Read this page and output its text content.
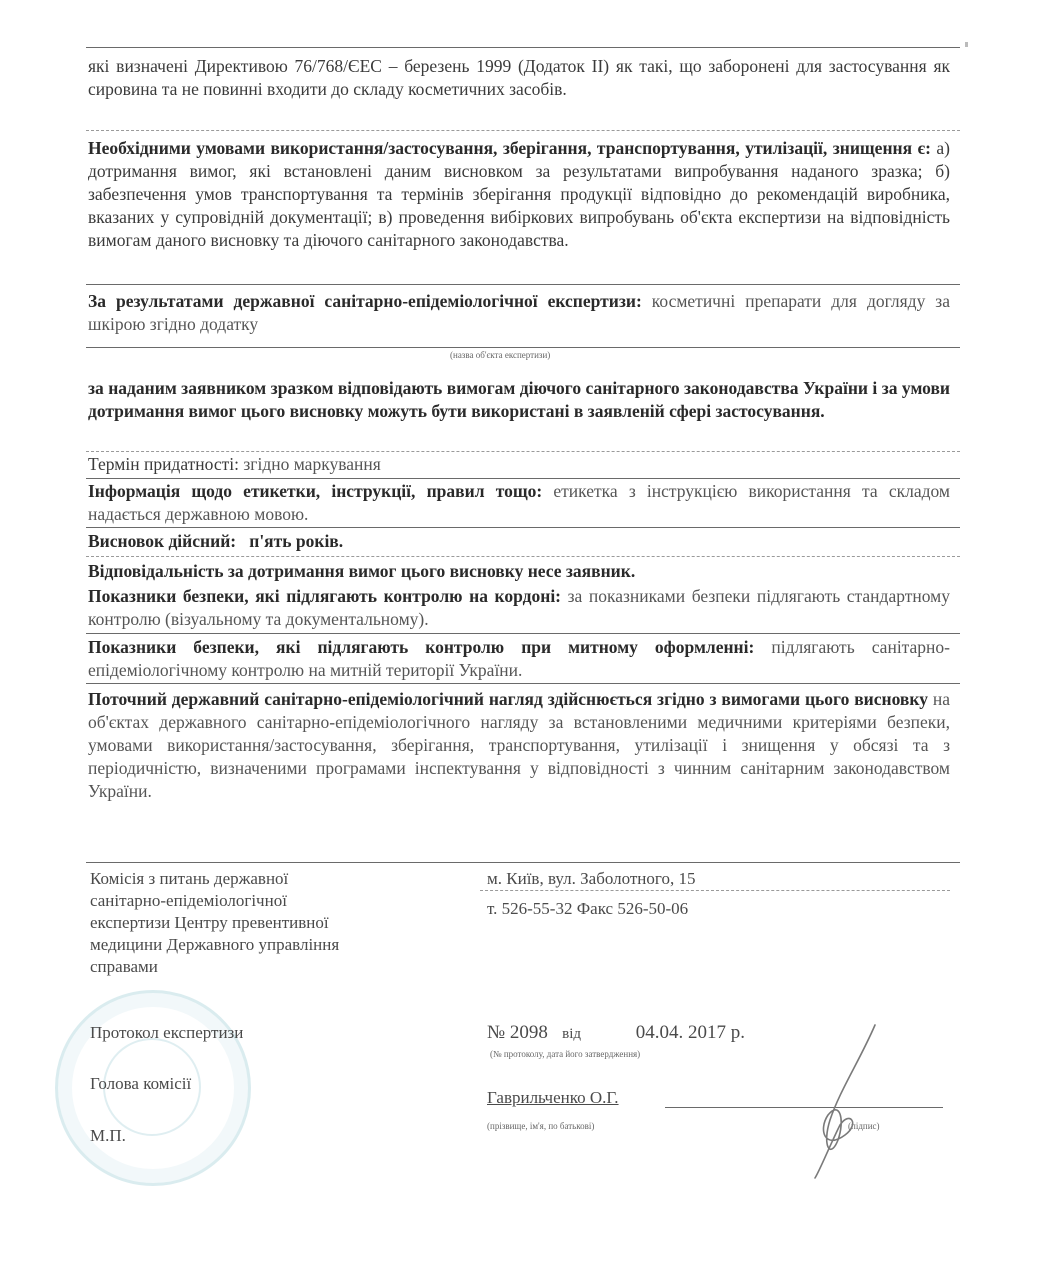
які визначені Директивою 76/768/ЄЕС – березень 1999 (Додаток ІІ) як такі, що заборонені для застосування як сировина та не повинні входити до складу косметичних засобів.
Необхідними умовами використання/застосування, зберігання, транспортування, утилізації, знищення є: а) дотримання вимог, які встановлені даним висновком за результатами випробування наданого зразка; б) забезпечення умов транспортування та термінів зберігання продукції відповідно до рекомендацій виробника, вказаних у супровідній документації; в) проведення вибіркових випробувань об'єкта експертизи на відповідність вимогам даного висновку та діючого санітарного законодавства.
За результатами державної санітарно-епідеміологічної експертизи: косметичні препарати для догляду за шкірою згідно додатку
(назва об'єкта експертизи)
за наданим заявником зразком відповідають вимогам діючого санітарного законодавства України і за умови дотримання вимог цього висновку можуть бути використані в заявленій сфері застосування.
Термін придатності: згідно маркування
Інформація щодо етикетки, інструкції, правил тощо: етикетка з інструкцією використання та складом надається державною мовою.
Висновок дійсний: п'ять років.
Відповідальність за дотримання вимог цього висновку несе заявник.
Показники безпеки, які підлягають контролю на кордоні: за показниками безпеки підлягають стандартному контролю (візуальному та документальному).
Показники безпеки, які підлягають контролю при митному оформленні: підлягають санітарно-епідеміологічному контролю на митній території України.
Поточний державний санітарно-епідеміологічний нагляд здійснюється згідно з вимогами цього висновку на об'єктах державного санітарно-епідеміологічного нагляду за встановленими медичними критеріями безпеки, умовами використання/застосування, зберігання, транспортування, утилізації і знищення у обсязі та з періодичністю, визначеними програмами інспектування у відповідності з чинним санітарним законодавством України.
Комісія з питань державної
санітарно-епідеміологічної
експертизи Центру превентивної
медицини Державного управління
справами
м. Київ, вул. Заболотного, 15
т. 526-55-32 Факс 526-50-06
Протокол експертизи	№ 2098 від	04.04. 2017 р.
(№ протоколу, дата його затвердження)
Голова комісії
Гаврильченко О.Г.
(прізвище, ім'я, по батькові)	(підпис)
М.П.
